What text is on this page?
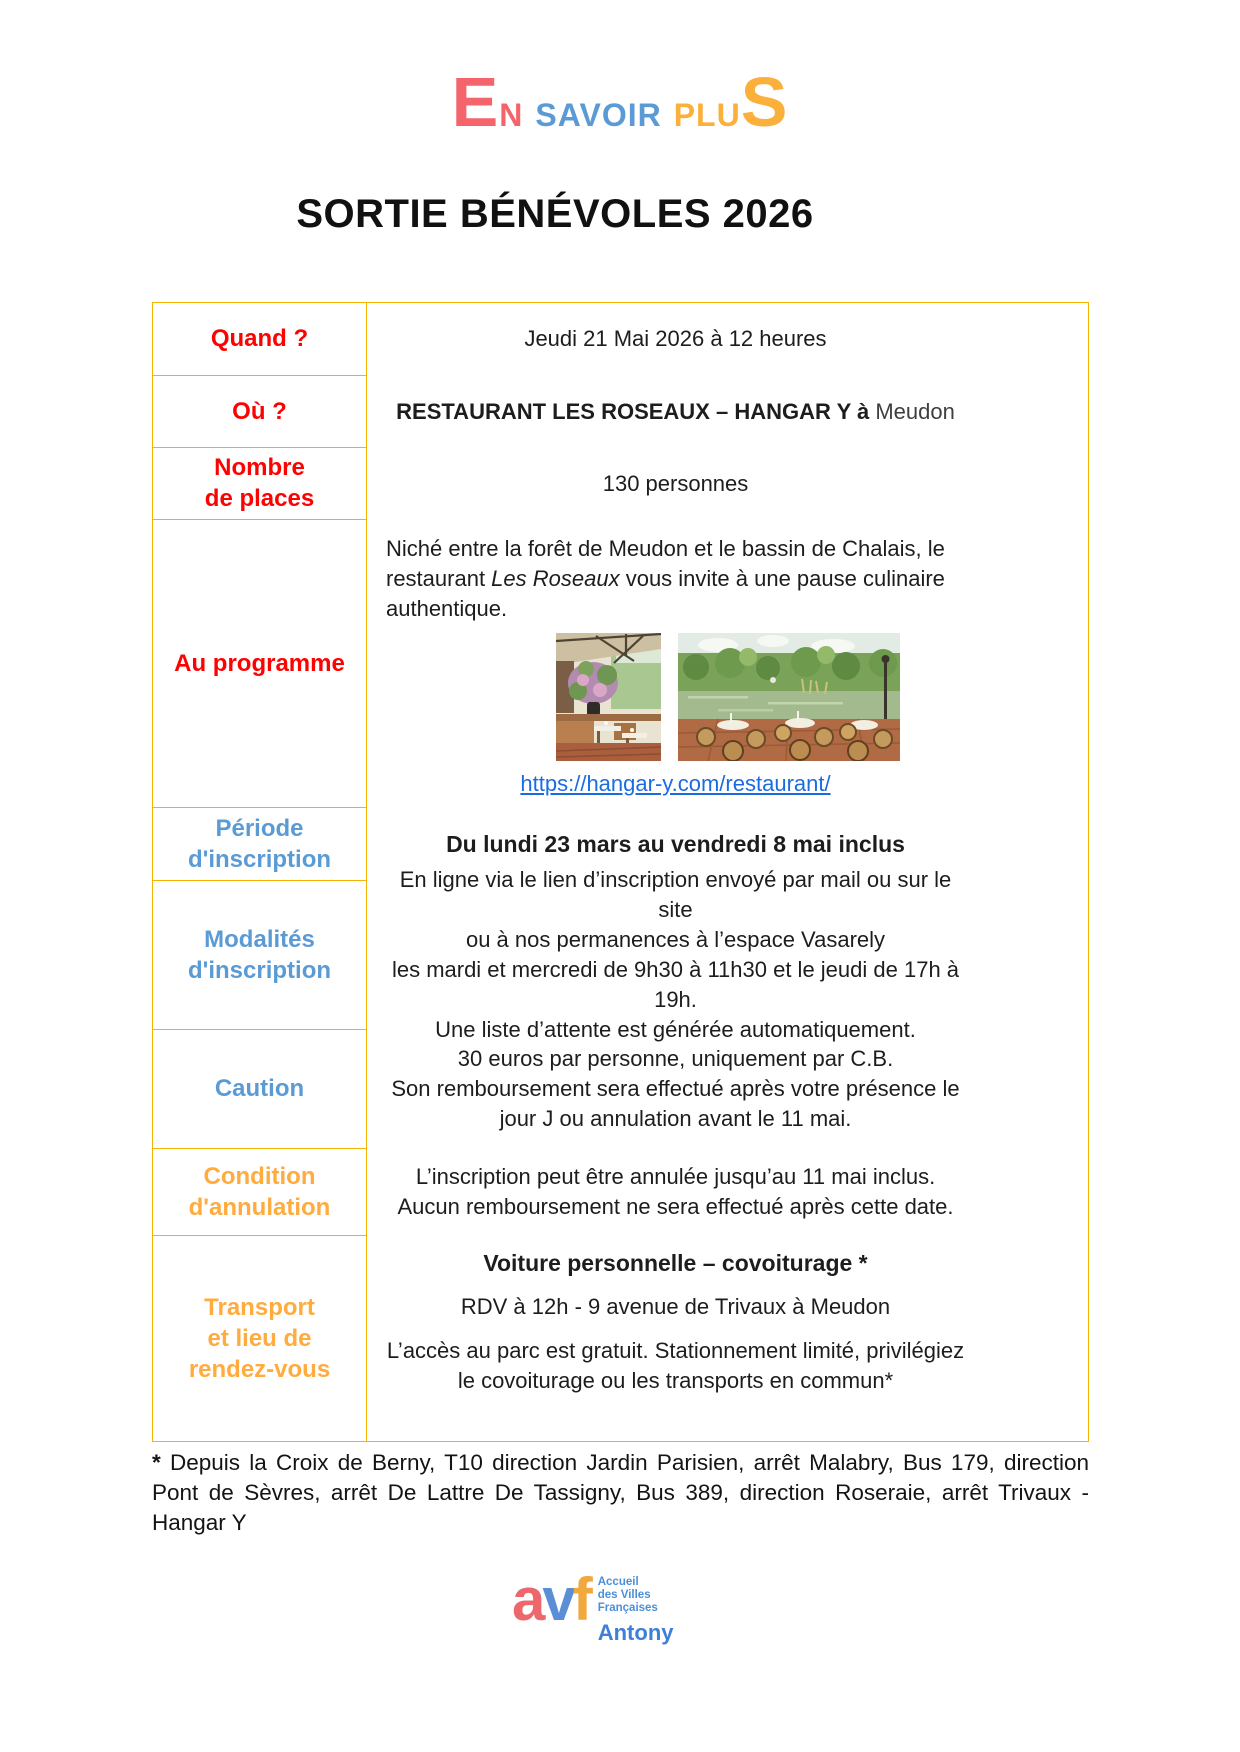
EN SAVOIR PLUS
SORTIE BÉNÉVOLES 2026
Quand ?
Où ?
Nombre
de places
Au programme
Période
d'inscription
Modalités
d'inscription
Caution
Condition
d'annulation
Transport
et lieu de
rendez-vous
Jeudi 21 Mai 2026 à 12 heures
RESTAURANT LES ROSEAUX – HANGAR Y à Meudon
130 personnes
Niché entre la forêt de Meudon et le bassin de Chalais, le restaurant Les Roseaux vous invite à une pause culinaire authentique.
https://hangar-y.com/restaurant/
Du lundi 23 mars au vendredi 8 mai inclus
En ligne via le lien d’inscription envoyé par mail ou sur le site
ou à nos permanences à l’espace Vasarely
les mardi et mercredi de 9h30 à 11h30 et le jeudi de 17h à 19h.
Une liste d’attente est générée automatiquement.
30 euros par personne, uniquement par C.B.
Son remboursement sera effectué après votre présence le
jour J ou annulation avant le 11 mai.
L’inscription peut être annulée jusqu’au 11 mai inclus.
Aucun remboursement ne sera effectué après cette date.
Voiture personnelle – covoiturage *
RDV à 12h - 9 avenue de Trivaux à Meudon
L’accès au parc est gratuit. Stationnement limité, privilégiez
le covoiturage ou les transports en commun*

* Depuis la Croix de Berny, T10 direction Jardin Parisien, arrêt Malabry, Bus 179, direction Pont de Sèvres, arrêt De Lattre De Tassigny, Bus 389, direction Roseraie, arrêt Trivaux - Hangar Y

avf Accueil
des Villes
Françaises
Antony
